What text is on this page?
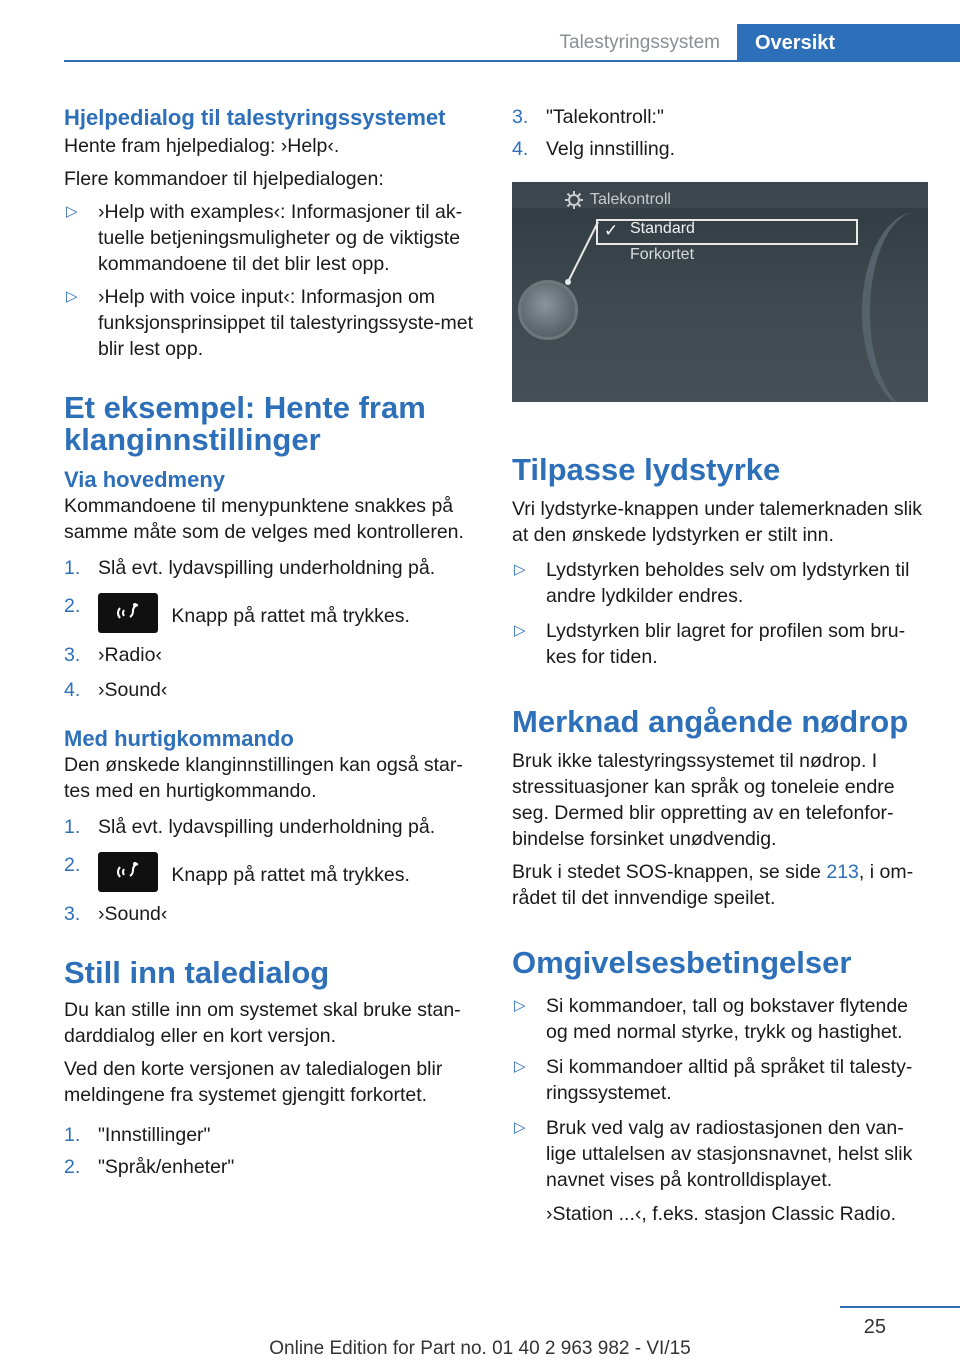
Talestyringssystem	Oversikt
Hjelpedialog til talestyringssystemet
Hente fram hjelpedialog: ›Help‹.
Flere kommandoer til hjelpedialogen:
▷ ›Help with examples‹: Informasjoner til ak-tuelle betjeningsmuligheter og de viktigste kommandoene til det blir lest opp.
▷ ›Help with voice input‹: Informasjon om funksjonsprinsippet til talestyringssyste-met blir lest opp.
Et eksempel: Hente fram klanginnstillinger
Via hovedmeny
Kommandoene til menypunktene snakkes på samme måte som de velges med kontrolleren.
1. Slå evt. lydavspilling underholdning på.
2.	Knapp på rattet må trykkes.
3. ›Radio‹
4. ›Sound‹
Med hurtigkommando
Den ønskede klanginnstillingen kan også star-tes med en hurtigkommando.
1. Slå evt. lydavspilling underholdning på.
2.	Knapp på rattet må trykkes.
3. ›Sound‹
Still inn taledialog
Du kan stille inn om systemet skal bruke stan-darddialog eller en kort versjon.
Ved den korte versjonen av taledialogen blir meldingene fra systemet gjengitt forkortet.
1. "Innstillinger"
2. "Språk/enheter"
3. "Talekontroll:"
4. Velg innstilling.
Talekontroll
✓ Standard
Forkortet
Tilpasse lydstyrke
Vri lydstyrke-knappen under talemerknaden slik at den ønskede lydstyrken er stilt inn.
▷ Lydstyrken beholdes selv om lydstyrken til andre lydkilder endres.
▷ Lydstyrken blir lagret for profilen som bru-kes for tiden.
Merknad angående nødrop
Bruk ikke talestyringssystemet til nødrop. I stressituasjoner kan språk og toneleie endre seg. Dermed blir oppretting av en telefonfor-bindelse forsinket unødvendig.
Bruk i stedet SOS-knappen, se side 213, i om-rådet til det innvendige speilet.
Omgivelsesbetingelser
▷ Si kommandoer, tall og bokstaver flytende og med normal styrke, trykk og hastighet.
▷ Si kommandoer alltid på språket til talesty-ringssystemet.
▷ Bruk ved valg av radiostasjonen den van-lige uttalelsen av stasjonsnavnet, helst slik navnet vises på kontrolldisplayet.
›Station ...‹, f.eks. stasjon Classic Radio.
25
Online Edition for Part no. 01 40 2 963 982 - VI/15
